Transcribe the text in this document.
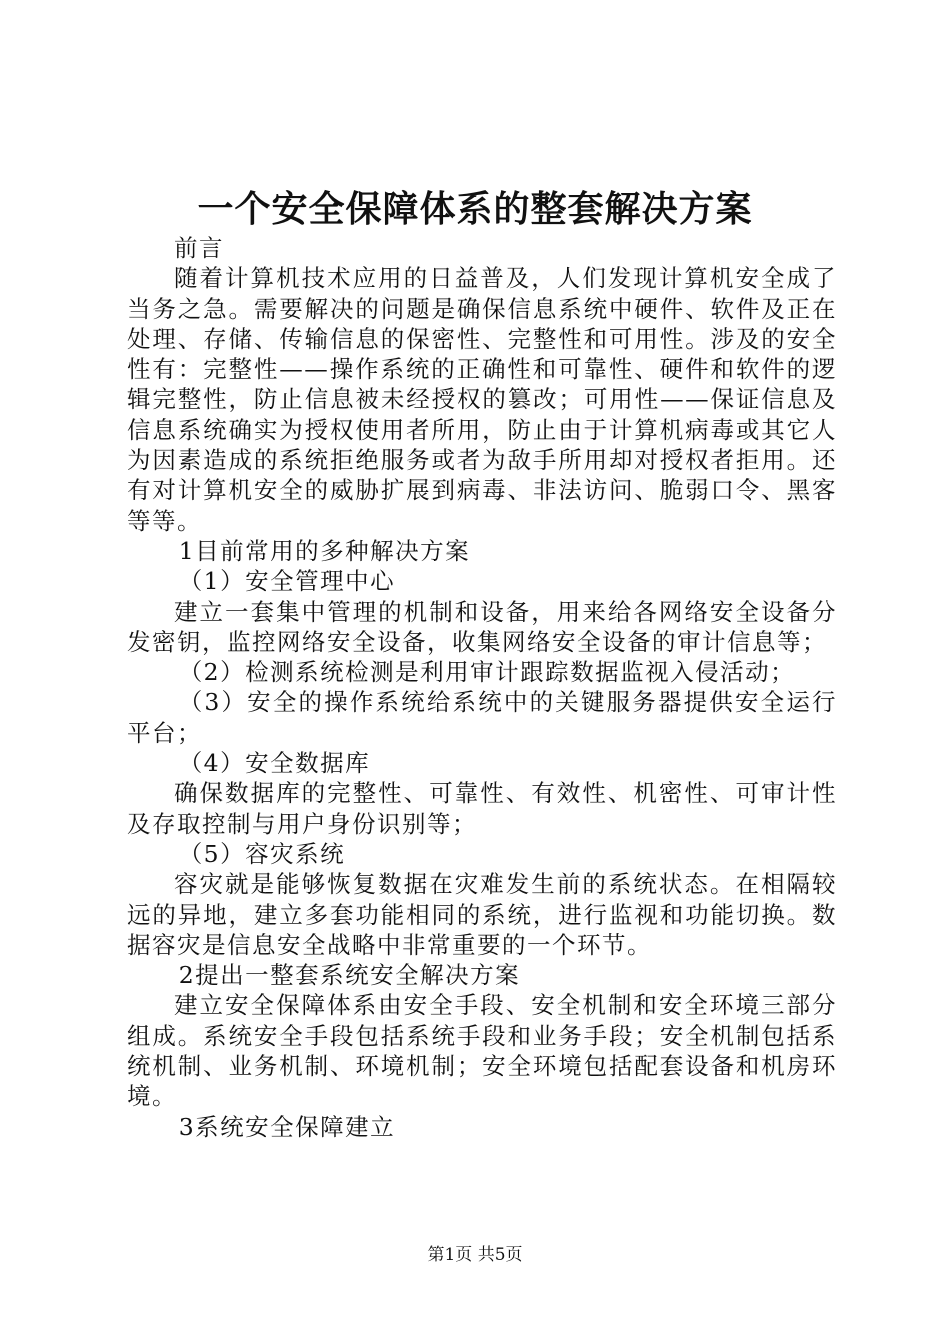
一个安全保障体系的整套解决方案

前言

随着计算机技术应用的日益普及，人们发现计算机安全成了当务之急。需要解决的问题是确保信息系统中硬件、软件及正在处理、存储、传输信息的保密性、完整性和可用性。涉及的安全性有：完整性——操作系统的正确性和可靠性、硬件和软件的逻辑完整性，防止信息被未经授权的篡改；可用性——保证信息及信息系统确实为授权使用者所用，防止由于计算机病毒或其它人为因素造成的系统拒绝服务或者为敌手所用却对授权者拒用。还有对计算机安全的威胁扩展到病毒、非法访问、脆弱口令、黑客等等。

1目前常用的多种解决方案

（1）安全管理中心

建立一套集中管理的机制和设备，用来给各网络安全设备分发密钥，监控网络安全设备，收集网络安全设备的审计信息等；

（2）检测系统检测是利用审计跟踪数据监视入侵活动；

（3）安全的操作系统给系统中的关键服务器提供安全运行平台；

（4）安全数据库

确保数据库的完整性、可靠性、有效性、机密性、可审计性及存取控制与用户身份识别等；

（5）容灾系统

容灾就是能够恢复数据在灾难发生前的系统状态。在相隔较远的异地，建立多套功能相同的系统，进行监视和功能切换。数据容灾是信息安全战略中非常重要的一个环节。

2提出一整套系统安全解决方案

建立安全保障体系由安全手段、安全机制和安全环境三部分组成。系统安全手段包括系统手段和业务手段；安全机制包括系统机制、业务机制、环境机制；安全环境包括配套设备和机房环境。

3系统安全保障建立

第1页 共5页
